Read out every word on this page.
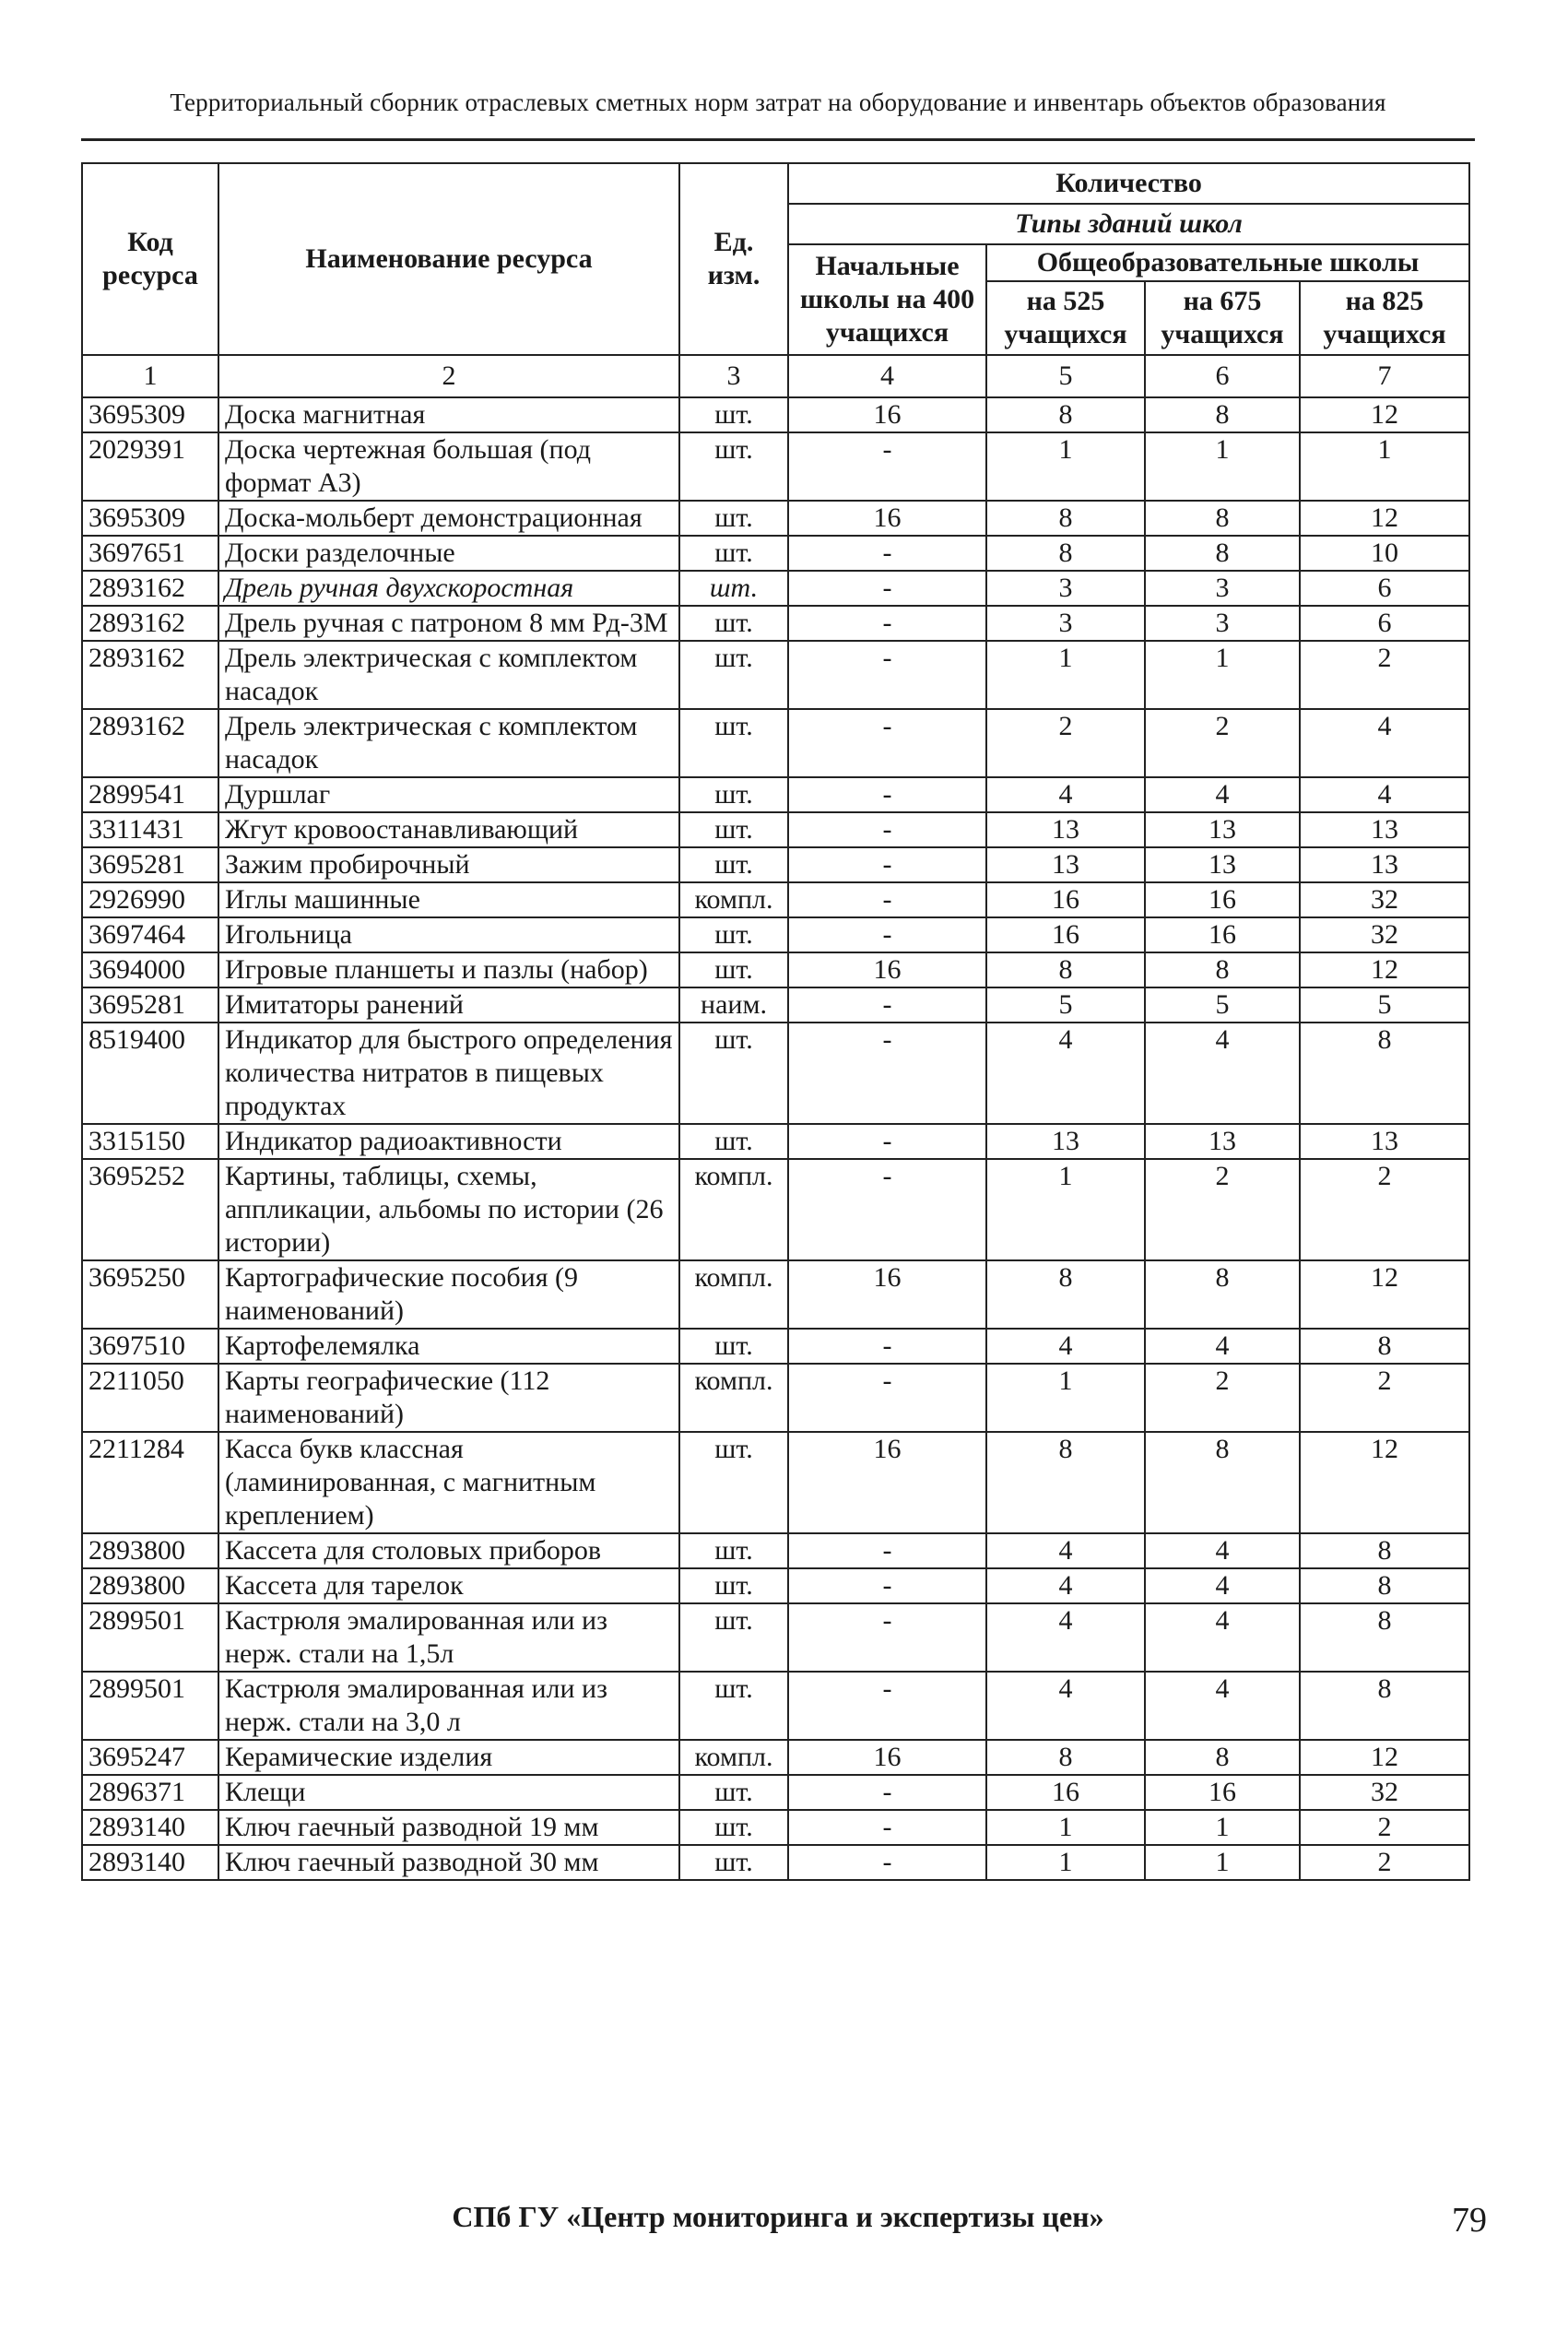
Территориальный сборник отраслевых сметных норм затрат на оборудование и инвентарь объектов образования
Код ресурса	Наименование ресурса	Ед. изм.	Количество			
			Типы зданий школ			
			Начальные школы на 400 учащихся	Общеобразовательные школы		
				на 525 учащихся	на 675 учащихся	на 825 учащихся
1	2	3	4	5	6	7
3695309	Доска магнитная	шт.	16	8	8	12
2029391	Доска чертежная большая (под формат А3)	шт.	-	1	1	1
3695309	Доска-мольберт демонстрационная	шт.	16	8	8	12
3697651	Доски разделочные	шт.	-	8	8	10
2893162	Дрель ручная двухскоростная	шт.	-	3	3	6
2893162	Дрель ручная с патроном 8 мм Рд-3М	шт.	-	3	3	6
2893162	Дрель электрическая с комплектом насадок	шт.	-	1	1	2
2893162	Дрель электрическая с комплектом насадок	шт.	-	2	2	4
2899541	Дуршлаг	шт.	-	4	4	4
3311431	Жгут кровоостанавливающий	шт.	-	13	13	13
3695281	Зажим пробирочный	шт.	-	13	13	13
2926990	Иглы машинные	компл.	-	16	16	32
3697464	Игольница	шт.	-	16	16	32
3694000	Игровые планшеты и пазлы (набор)	шт.	16	8	8	12
3695281	Имитаторы ранений	наим.	-	5	5	5
8519400	Индикатор для быстрого определения количества нитратов в пищевых продуктах	шт.	-	4	4	8
3315150	Индикатор радиоактивности	шт.	-	13	13	13
3695252	Картины, таблицы, схемы, аппликации, альбомы по истории (26 истории)	компл.	-	1	2	2
3695250	Картографические пособия (9 наименований)	компл.	16	8	8	12
3697510	Картофелемялка	шт.	-	4	4	8
2211050	Карты географические (112 наименований)	компл.	-	1	2	2
2211284	Касса букв классная (ламинированная, с магнитным креплением)	шт.	16	8	8	12
2893800	Кассета для столовых приборов	шт.	-	4	4	8
2893800	Кассета для тарелок	шт.	-	4	4	8
2899501	Кастрюля эмалированная или из нерж. стали на 1,5л	шт.	-	4	4	8
2899501	Кастрюля эмалированная или из нерж. стали на 3,0 л	шт.	-	4	4	8
3695247	Керамические изделия	компл.	16	8	8	12
2896371	Клещи	шт.	-	16	16	32
2893140	Ключ гаечный разводной 19 мм	шт.	-	1	1	2
2893140	Ключ гаечный разводной 30 мм	шт.	-	1	1	2
СПб ГУ «Центр мониторинга и экспертизы цен»	79
